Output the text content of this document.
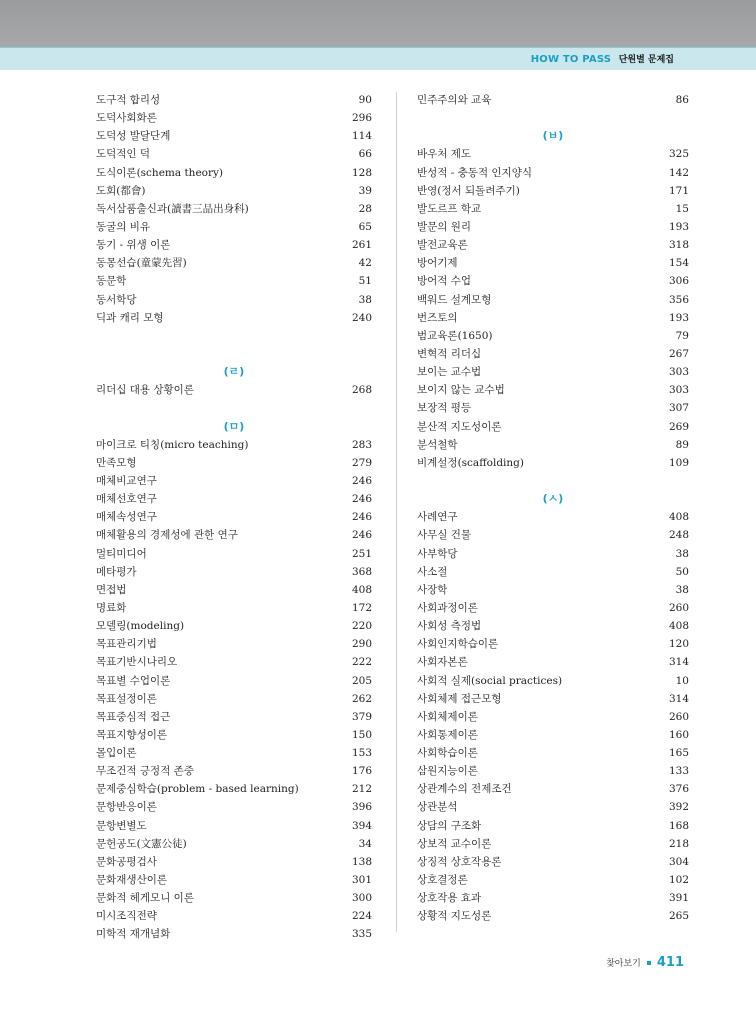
HOW TO PASS 단원별 문제집
도구적 합리성	90
도덕사회화론	296
도덕성 발달단계	114
도덕적인 덕	66
도식이론(schema theory)	128
도회(都會)	39
독서삼품출신과(讀書三品出身科)	28
동굴의 비유	65
동기 - 위생 이론	261
동몽선습(童蒙先習)	42
동문학	51
동서학당	38
딕과 캐리 모형	240
(ㄹ)
리더십 대용 상황이론	268
(ㅁ)
마이크로 티칭(micro teaching)	283
만족모형	279
매체비교연구	246
매체선호연구	246
매체속성연구	246
매체활용의 경제성에 관한 연구	246
멀티미디어	251
메타평가	368
면접법	408
명료화	172
모델링(modeling)	220
목표관리기법	290
목표기반시나리오	222
목표별 수업이론	205
목표설정이론	262
목표중심적 접근	379
목표지향성이론	150
몰입이론	153
무조건적 긍정적 존중	176
문제중심학습(problem - based learning)	212
문항반응이론	396
문항변별도	394
문헌공도(文憲公徒)	34
문화공평검사	138
문화재생산이론	301
문화적 헤게모니 이론	300
미시조직전략	224
미학적 재개념화	335
민주주의와 교육	86
(ㅂ)
바우처 제도	325
반성적 - 충동적 인지양식	142
반영(정서 되돌려주기)	171
발도르프 학교	15
발문의 원리	193
발전교육론	318
방어기제	154
방어적 수업	306
백워드 설계모형	356
번즈토의	193
범교육론(1650)	79
변혁적 리더십	267
보이는 교수법	303
보이지 않는 교수법	303
보장적 평등	307
분산적 지도성이론	269
분석철학	89
비계설정(scaffolding)	109
(ㅅ)
사례연구	408
사무실 건물	248
사부학당	38
사소절	50
사장학	38
사회과정이론	260
사회성 측정법	408
사회인지학습이론	120
사회자본론	314
사회적 실제(social practices)	10
사회체제 접근모형	314
사회체제이론	260
사회통제이론	160
사회학습이론	165
삼원지능이론	133
상관계수의 전제조건	376
상관분석	392
상담의 구조화	168
상보적 교수이론	218
상징적 상호작용론	304
상호결정론	102
상호작용 효과	391
상황적 지도성론	265
찾아보기 411
